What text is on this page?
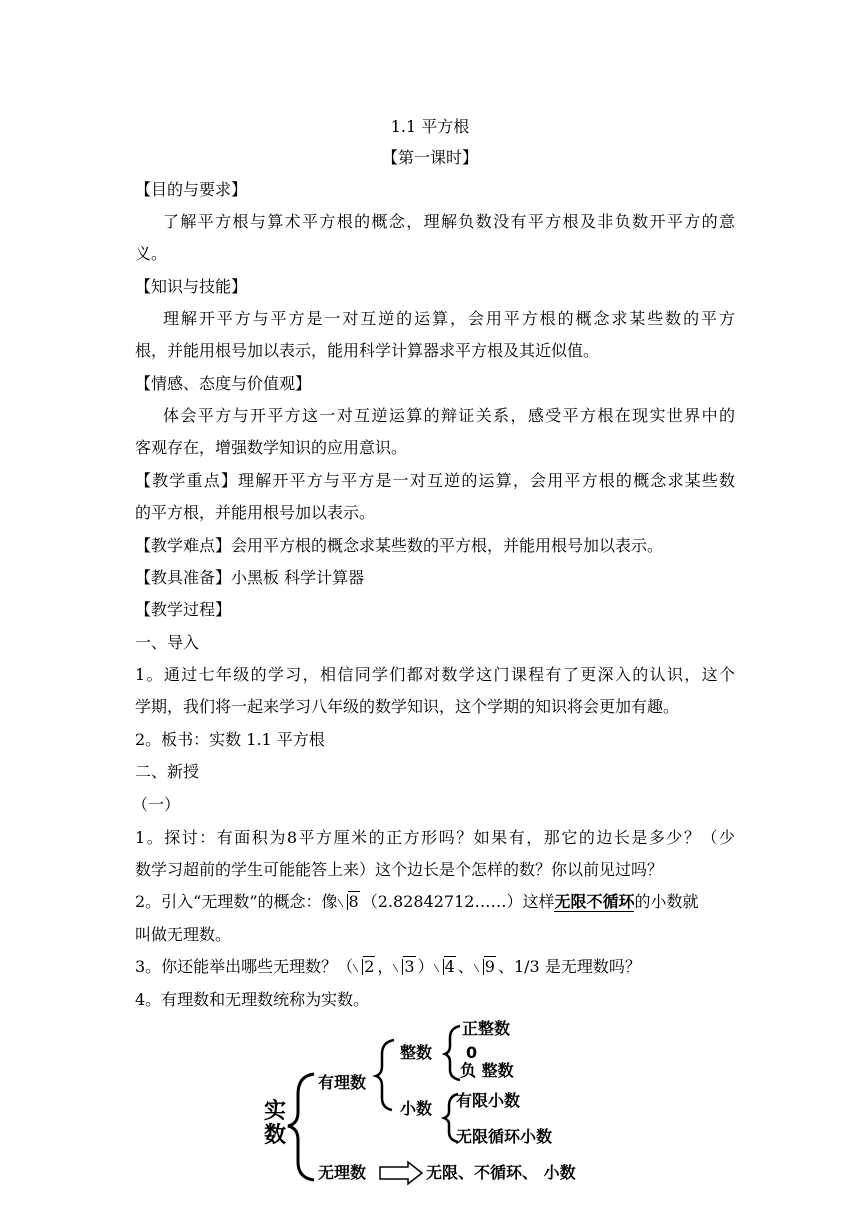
1.1 平方根
【第一课时】
【目的与要求】
了解平方根与算术平方根的概念，理解负数没有平方根及非负数开平方的意
义。
【知识与技能】
理解开平方与平方是一对互逆的运算，会用平方根的概念求某些数的平方
根，并能用根号加以表示，能用科学计算器求平方根及其近似值。
【情感、态度与价值观】
体会平方与开平方这一对互逆运算的辩证关系，感受平方根在现实世界中的
客观存在，增强数学知识的应用意识。
【教学重点】理解开平方与平方是一对互逆的运算，会用平方根的概念求某些数
的平方根，并能用根号加以表示。
【教学难点】会用平方根的概念求某些数的平方根，并能用根号加以表示。
【教具准备】小黑板 科学计算器
【教学过程】
一、导入
1。通过七年级的学习，相信同学们都对数学这门课程有了更深入的认识，这个
学期，我们将一起来学习八年级的数学知识，这个学期的知识将会更加有趣。
2。板书：实数 1.1 平方根
二、新授
（一）
1。探讨：有面积为8平方厘米的正方形吗？如果有，那它的边长是多少？（少
数学习超前的学生可能能答上来）这个边长是个怎样的数？你以前见过吗？
2。引入“无理数”的概念：像 8 （2.82842712……）这样无限不循环的小数就
叫做无理数。
3。你还能举出哪些无理数？（ 2 ， 3 ） 4 、 9 、1/3 是无理数吗？
4。有理数和无理数统称为实数。
实数
有理数
整数
正整数
0
负 整数
小数 有限小数
无限循环小数
无理数	无限、不循环、 小数
